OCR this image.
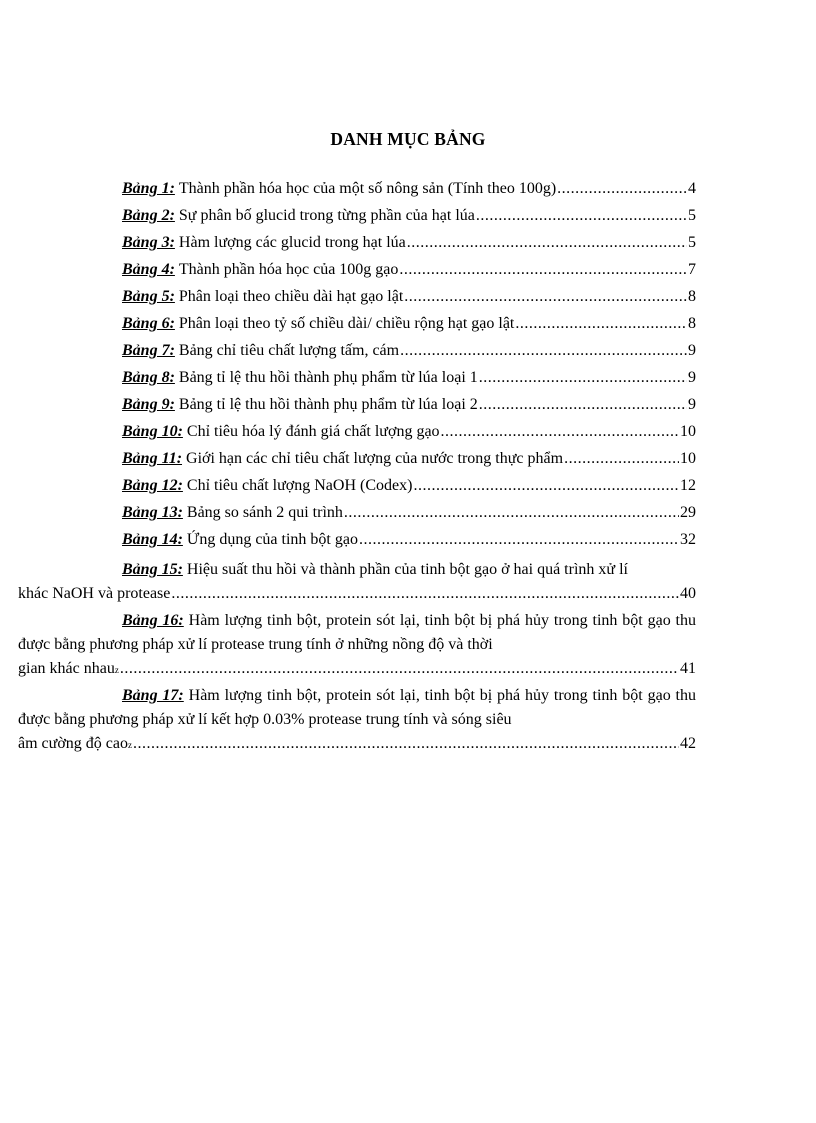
DANH MỤC BẢNG
Bảng 1:
Thành phần hóa học của một số nông sản (Tính theo 100g) .....	4
Bảng 2:
Sự phân bố glucid trong từng phần của hạt lúa .....	5
Bảng 3:
Hàm lượng các glucid trong hạt lúa .....	5
Bảng 4:
Thành phần hóa học của 100g gạo .....	7
Bảng 5:
Phân loại theo chiều dài hạt gạo lật .....	8
Bảng 6:
Phân loại theo tỷ số chiều dài/ chiều rộng hạt gạo lật .....	8
Bảng 7:
Bảng chỉ tiêu chất lượng tấm, cám .....	9
Bảng 8:
Bảng tỉ lệ thu hồi thành phụ phẩm từ lúa loại 1 .....	9
Bảng 9:
Bảng tỉ lệ thu hồi thành phụ phẩm từ lúa loại 2 .....	9
Bảng 10:
Chỉ tiêu hóa lý đánh giá chất lượng gạo .....	10
Bảng 11:
Giới hạn các chỉ tiêu chất lượng của nước trong thực phẩm .....	10
Bảng 12:
Chỉ tiêu chất lượng NaOH (Codex) .....	12
Bảng 13:
Bảng so sánh 2 qui trình .....	29
Bảng 14:
Ứng dụng của tinh bột gạo .....	32
Bảng 15: Hiệu suất thu hồi và thành phần của tinh bột gạo ở hai quá trình xử lí
khác NaOH và protease .....	40
Bảng 16: Hàm lượng tinh bột, protein sót lại, tinh bột bị phá hủy trong tinh bột gạo thu được bằng phương pháp xử lí protease trung tính ở những nồng độ và thời
gian khác nhau z .....	41
Bảng 17: Hàm lượng tinh bột, protein sót lại, tinh bột bị phá hủy trong tinh bột gạo thu được bằng phương pháp xử lí kết hợp 0.03% protease trung tính và sóng siêu
âm cường độ cao z .....	42
